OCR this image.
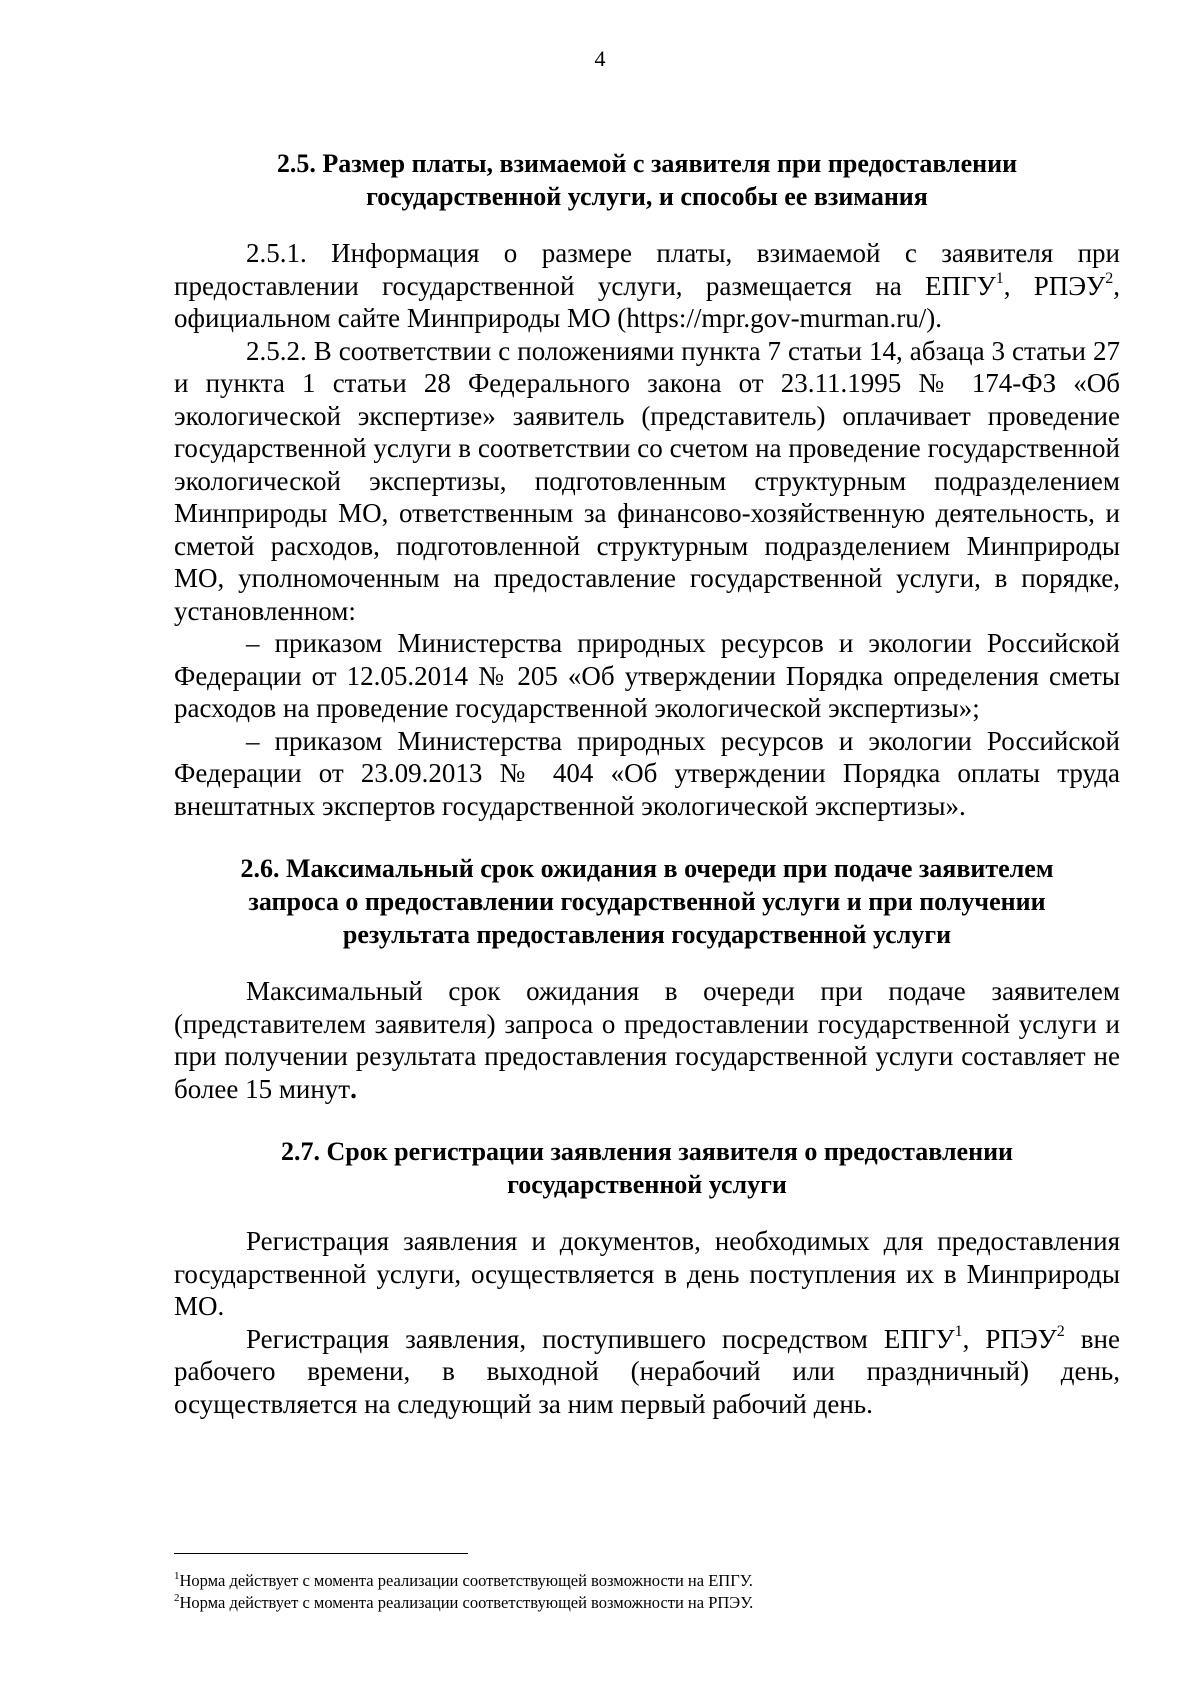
4
2.5. Размер платы, взимаемой с заявителя при предоставлении
государственной услуги, и способы ее взимания

2.5.1. Информация о размере платы, взимаемой с заявителя при предоставлении государственной услуги, размещается на ЕПГУ$^1$, РПЭУ$^2$, официальном сайте Минприроды МО (https://mpr.gov-murman.ru/).

2.5.2. В соответствии с положениями пункта 7 статьи 14, абзаца 3 статьи 27 и пункта 1 статьи 28 Федерального закона от 23.11.1995 № 174-ФЗ «Об экологической экспертизе» заявитель (представитель) оплачивает проведение государственной услуги в соответствии со счетом на проведение государственной экологической экспертизы, подготовленным структурным подразделением Минприроды МО, ответственным за финансово-хозяйственную деятельность, и сметой расходов, подготовленной структурным подразделением Минприроды МО, уполномоченным на предоставление государственной услуги, в порядке, установленном:

– приказом Министерства природных ресурсов и экологии Российской Федерации от 12.05.2014 № 205 «Об утверждении Порядка определения сметы расходов на проведение государственной экологической экспертизы»;

– приказом Министерства природных ресурсов и экологии Российской Федерации от 23.09.2013 № 404 «Об утверждении Порядка оплаты труда внештатных экспертов государственной экологической экспертизы».

2.6. Максимальный срок ожидания в очереди при подаче заявителем
запроса о предоставлении государственной услуги и при получении
результата предоставления государственной услуги

Максимальный срок ожидания в очереди при подаче заявителем (представителем заявителя) запроса о предоставлении государственной услуги и при получении результата предоставления государственной услуги составляет не более 15 минут.

2.7. Срок регистрации заявления заявителя о предоставлении
государственной услуги

Регистрация заявления и документов, необходимых для предоставления государственной услуги, осуществляется в день поступления их в Минприроды МО.

Регистрация заявления, поступившего посредством ЕПГУ$^1$, РПЭУ$^2$ вне рабочего времени, в выходной (нерабочий или праздничный) день, осуществляется на следующий за ним первый рабочий день.

$^1$Норма действует с момента реализации соответствующей возможности на ЕПГУ.

$^2$Норма действует с момента реализации соответствующей возможности на РПЭУ.
